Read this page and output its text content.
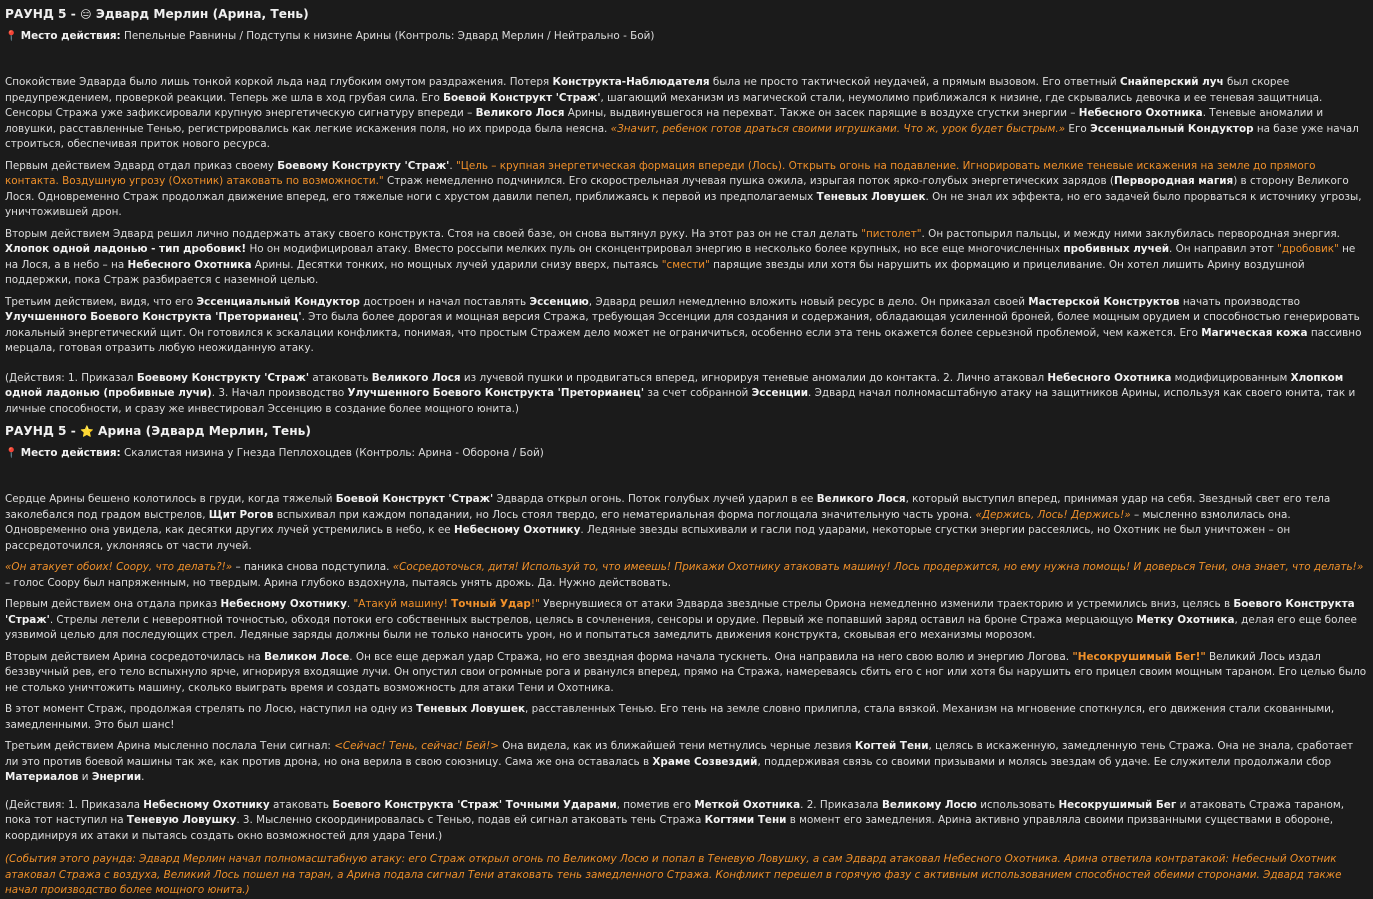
РАУНД 5 - 😑 Эдвард Мерлин (Арина, Тень)
📍 Место действия: Пепельные Равнины / Подступы к низине Арины (Контроль: Эдвард Мерлин / Нейтрально - Бой)

Спокойствие Эдварда было лишь тонкой коркой льда над глубоким омутом раздражения. Потеря Конструкта-Наблюдателя была не просто тактической неудачей, а прямым вызовом. Его ответный Снайперский луч был скорее предупреждением, проверкой реакции. Теперь же шла в ход грубая сила. Его Боевой Конструкт 'Страж', шагающий механизм из магической стали, неумолимо приближался к низине, где скрывались девочка и ее теневая защитница. Сенсоры Стража уже зафиксировали крупную энергетическую сигнатуру впереди – Великого Лося Арины, выдвинувшегося на перехват. Также он засек парящие в воздухе сгустки энергии – Небесного Охотника. Теневые аномалии и ловушки, расставленные Тенью, регистрировались как легкие искажения поля, но их природа была неясна. «Значит, ребенок готов драться своими игрушками. Что ж, урок будет быстрым.» Его Эссенциальный Кондуктор на базе уже начал строиться, обеспечивая приток нового ресурса.

Первым действием Эдвард отдал приказ своему Боевому Конструкту 'Страж'. "Цель – крупная энергетическая формация впереди (Лось). Открыть огонь на подавление. Игнорировать мелкие теневые искажения на земле до прямого контакта. Воздушную угрозу (Охотник) атаковать по возможности." Страж немедленно подчинился. Его скорострельная лучевая пушка ожила, изрыгая поток ярко-голубых энергетических зарядов (Первородная магия) в сторону Великого Лося. Одновременно Страж продолжал движение вперед, его тяжелые ноги с хрустом давили пепел, приближаясь к первой из предполагаемых Теневых Ловушек. Он не знал их эффекта, но его задачей было прорваться к источнику угрозы, уничтожившей дрон.

Вторым действием Эдвард решил лично поддержать атаку своего конструкта. Стоя на своей базе, он снова вытянул руку. На этот раз он не стал делать "пистолет". Он растопырил пальцы, и между ними заклубилась первородная энергия. Хлопок одной ладонью - тип дробовик! Но он модифицировал атаку. Вместо россыпи мелких пуль он сконцентрировал энергию в несколько более крупных, но все еще многочисленных пробивных лучей. Он направил этот "дробовик" не на Лося, а в небо – на Небесного Охотника Арины. Десятки тонких, но мощных лучей ударили снизу вверх, пытаясь "смести" парящие звезды или хотя бы нарушить их формацию и прицеливание. Он хотел лишить Арину воздушной поддержки, пока Страж разбирается с наземной целью.

Третьим действием, видя, что его Эссенциальный Кондуктор достроен и начал поставлять Эссенцию, Эдвард решил немедленно вложить новый ресурс в дело. Он приказал своей Мастерской Конструктов начать производство Улучшенного Боевого Конструкта 'Преторианец'. Это была более дорогая и мощная версия Стража, требующая Эссенции для создания и содержания, обладающая усиленной броней, более мощным орудием и способностью генерировать локальный энергетический щит. Он готовился к эскалации конфликта, понимая, что простым Стражем дело может не ограничиться, особенно если эта тень окажется более серьезной проблемой, чем кажется. Его Магическая кожа пассивно мерцала, готовая отразить любую неожиданную атаку.

(Действия: 1. Приказал Боевому Конструкту 'Страж' атаковать Великого Лося из лучевой пушки и продвигаться вперед, игнорируя теневые аномалии до контакта. 2. Лично атаковал Небесного Охотника модифицированным Хлопком одной ладонью (пробивные лучи). 3. Начал производство Улучшенного Боевого Конструкта 'Преторианец' за счет собранной Эссенции. Эдвард начал полномасштабную атаку на защитников Арины, используя как своего юнита, так и личные способности, и сразу же инвестировал Эссенцию в создание более мощного юнита.)

РАУНД 5 - ⭐ Арина (Эдвард Мерлин, Тень)
📍 Место действия: Скалистая низина у Гнезда Пеплохоцдев (Контроль: Арина - Оборона / Бой)

Сердце Арины бешено колотилось в груди, когда тяжелый Боевой Конструкт 'Страж' Эдварда открыл огонь. Поток голубых лучей ударил в ее Великого Лося, который выступил вперед, принимая удар на себя. Звездный свет его тела заколебался под градом выстрелов, Щит Рогов вспыхивал при каждом попадании, но Лось стоял твердо, его нематериальная форма поглощала значительную часть урона. «Держись, Лось! Держись!» – мысленно взмолилась она. Одновременно она увидела, как десятки других лучей устремились в небо, к ее Небесному Охотнику. Ледяные звезды вспыхивали и гасли под ударами, некоторые сгустки энергии рассеялись, но Охотник не был уничтожен – он рассредоточился, уклоняясь от части лучей.

«Он атакует обоих! Соору, что делать?!» – паника снова подступила. «Сосредоточься, дитя! Используй то, что имеешь! Прикажи Охотнику атаковать машину! Лось продержится, но ему нужна помощь! И доверься Тени, она знает, что делать!» – голос Соору был напряженным, но твердым. Арина глубоко вздохнула, пытаясь унять дрожь. Да. Нужно действовать.

Первым действием она отдала приказ Небесному Охотнику. "Атакуй машину! Точный Удар!" Увернувшиеся от атаки Эдварда звездные стрелы Ориона немедленно изменили траекторию и устремились вниз, целясь в Боевого Конструкта 'Страж'. Стрелы летели с невероятной точностью, обходя потоки его собственных выстрелов, целясь в сочленения, сенсоры и орудие. Первый же попавший заряд оставил на броне Стража мерцающую Метку Охотника, делая его еще более уязвимой целью для последующих стрел. Ледяные заряды должны были не только наносить урон, но и попытаться замедлить движения конструкта, сковывая его механизмы морозом.

Вторым действием Арина сосредоточилась на Великом Лосе. Он все еще держал удар Стража, но его звездная форма начала тускнеть. Она направила на него свою волю и энергию Логова. "Несокрушимый Бег!" Великий Лось издал беззвучный рев, его тело вспыхнуло ярче, игнорируя входящие лучи. Он опустил свои огромные рога и рванулся вперед, прямо на Стража, намереваясь сбить его с ног или хотя бы нарушить его прицел своим мощным тараном. Его целью было не столько уничтожить машину, сколько выиграть время и создать возможность для атаки Тени и Охотника.

В этот момент Страж, продолжая стрелять по Лосю, наступил на одну из Теневых Ловушек, расставленных Тенью. Его тень на земле словно прилипла, стала вязкой. Механизм на мгновение споткнулся, его движения стали скованными, замедленными. Это был шанс!

Третьим действием Арина мысленно послала Тени сигнал: <Сейчас! Тень, сейчас! Бей!> Она видела, как из ближайшей тени метнулись черные лезвия Когтей Тени, целясь в искаженную, замедленную тень Стража. Она не знала, сработает ли это против боевой машины так же, как против дрона, но она верила в свою союзницу. Сама же она оставалась в Храме Созвездий, поддерживая связь со своими призывами и молясь звездам об удаче. Ее служители продолжали сбор Материалов и Энергии.

(Действия: 1. Приказала Небесному Охотнику атаковать Боевого Конструкта 'Страж' Точными Ударами, пометив его Меткой Охотника. 2. Приказала Великому Лосю использовать Несокрушимый Бег и атаковать Стража тараном, пока тот наступил на Теневую Ловушку. 3. Мысленно скоординировалась с Тенью, подав ей сигнал атаковать тень Стража Когтями Тени в момент его замедления. Арина активно управляла своими призванными существами в обороне, координируя их атаки и пытаясь создать окно возможностей для удара Тени.)

(События этого раунда: Эдвард Мерлин начал полномасштабную атаку: его Страж открыл огонь по Великому Лосю и попал в Теневую Ловушку, а сам Эдвард атаковал Небесного Охотника. Арина ответила контратакой: Небесный Охотник атаковал Стража с воздуха, Великий Лось пошел на таран, а Арина подала сигнал Тени атаковать тень замедленного Стража. Конфликт перешел в горячую фазу с активным использованием способностей обеими сторонами. Эдвард также начал производство более мощного юнита.)
